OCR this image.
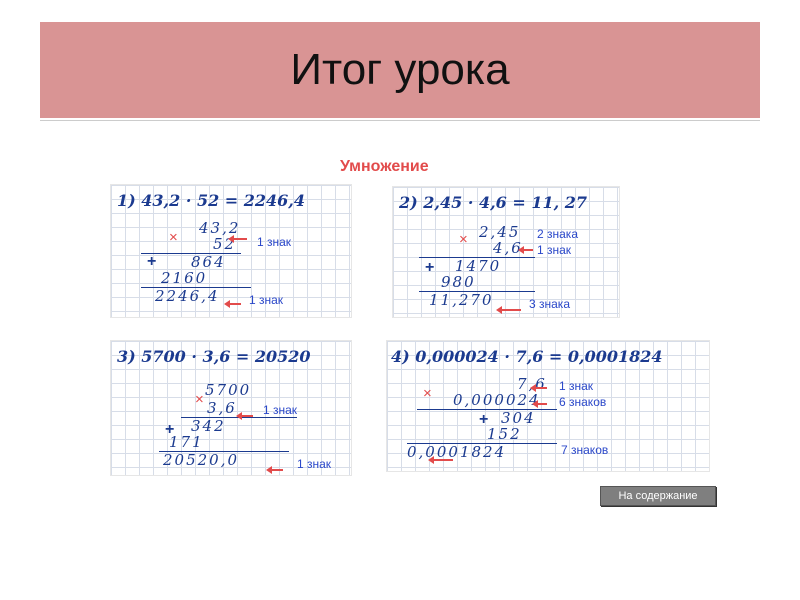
Итог урока
Умножение
1) 43,2 · 52 = 2246,4
×
43,2
52
+ 864
2160
2246,4
1 знак
1 знак
2) 2,45 · 4,6 = 11, 27
× 2,45
4,6
+ 1470
980
11,270
2 знака
1 знак
3 знака
3) 5700 · 3,6 = 20520
5700
× 3,6
+ 342
171
20520,0
1 знак
1 знак
4) 0,000024 · 7,6 = 0,0001824
7,6
× 0,000024
+ 304
152
0,0001824
1 знак
6 знаков
7 знаков
На содержание
